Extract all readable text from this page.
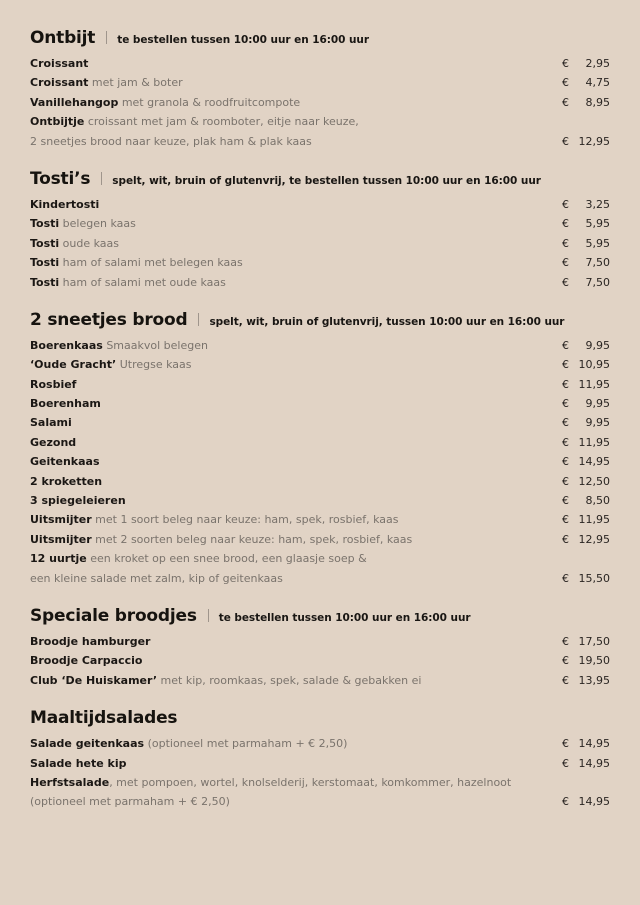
Ontbijt te bestellen tussen 10:00 uur en 16:00 uur
Croissant	€	2,95
Croissant met jam & boter	€	4,75
Vanillehangop met granola & roodfruitcompote	€	8,95
Ontbijtje croissant met jam & roomboter, eitje naar keuze,
2 sneetjes brood naar keuze, plak ham & plak kaas	€ 12,95
Tosti’s spelt, wit, bruin of glutenvrij, te bestellen tussen 10:00 uur en 16:00 uur
Kindertosti	€	3,25
Tosti belegen kaas	€	5,95
Tosti oude kaas	€	5,95
Tosti ham of salami met belegen kaas	€	7,50
Tosti ham of salami met oude kaas	€	7,50
2 sneetjes brood spelt, wit, bruin of glutenvrij, tussen 10:00 uur en 16:00 uur
Boerenkaas Smaakvol belegen	€	9,95
‘Oude Gracht’ Utregse kaas	€ 10,95
Rosbief	€ 11,95
Boerenham	€	9,95
Salami	€	9,95
Gezond	€ 11,95
Geitenkaas	€ 14,95
2 kroketten	€ 12,50
3 spiegeleieren	€	8,50
Uitsmijter met 1 soort beleg naar keuze: ham, spek, rosbief, kaas	€ 11,95
Uitsmijter met 2 soorten beleg naar keuze: ham, spek, rosbief, kaas	€ 12,95
12 uurtje een kroket op een snee brood, een glaasje soep &
een kleine salade met zalm, kip of geitenkaas	€ 15,50
Speciale broodjes te bestellen tussen 10:00 uur en 16:00 uur
Broodje hamburger	€ 17,50
Broodje Carpaccio	€ 19,50
Club ‘De Huiskamer’ met kip, roomkaas, spek, salade & gebakken ei	€ 13,95
Maaltijdsalades
Salade geitenkaas (optioneel met parmaham + € 2,50)	€ 14,95
Salade hete kip	€ 14,95
Herfstsalade, met pompoen, wortel, knolselderij, kerstomaat, komkommer, hazelnoot
(optioneel met parmaham + € 2,50)	€ 14,95
